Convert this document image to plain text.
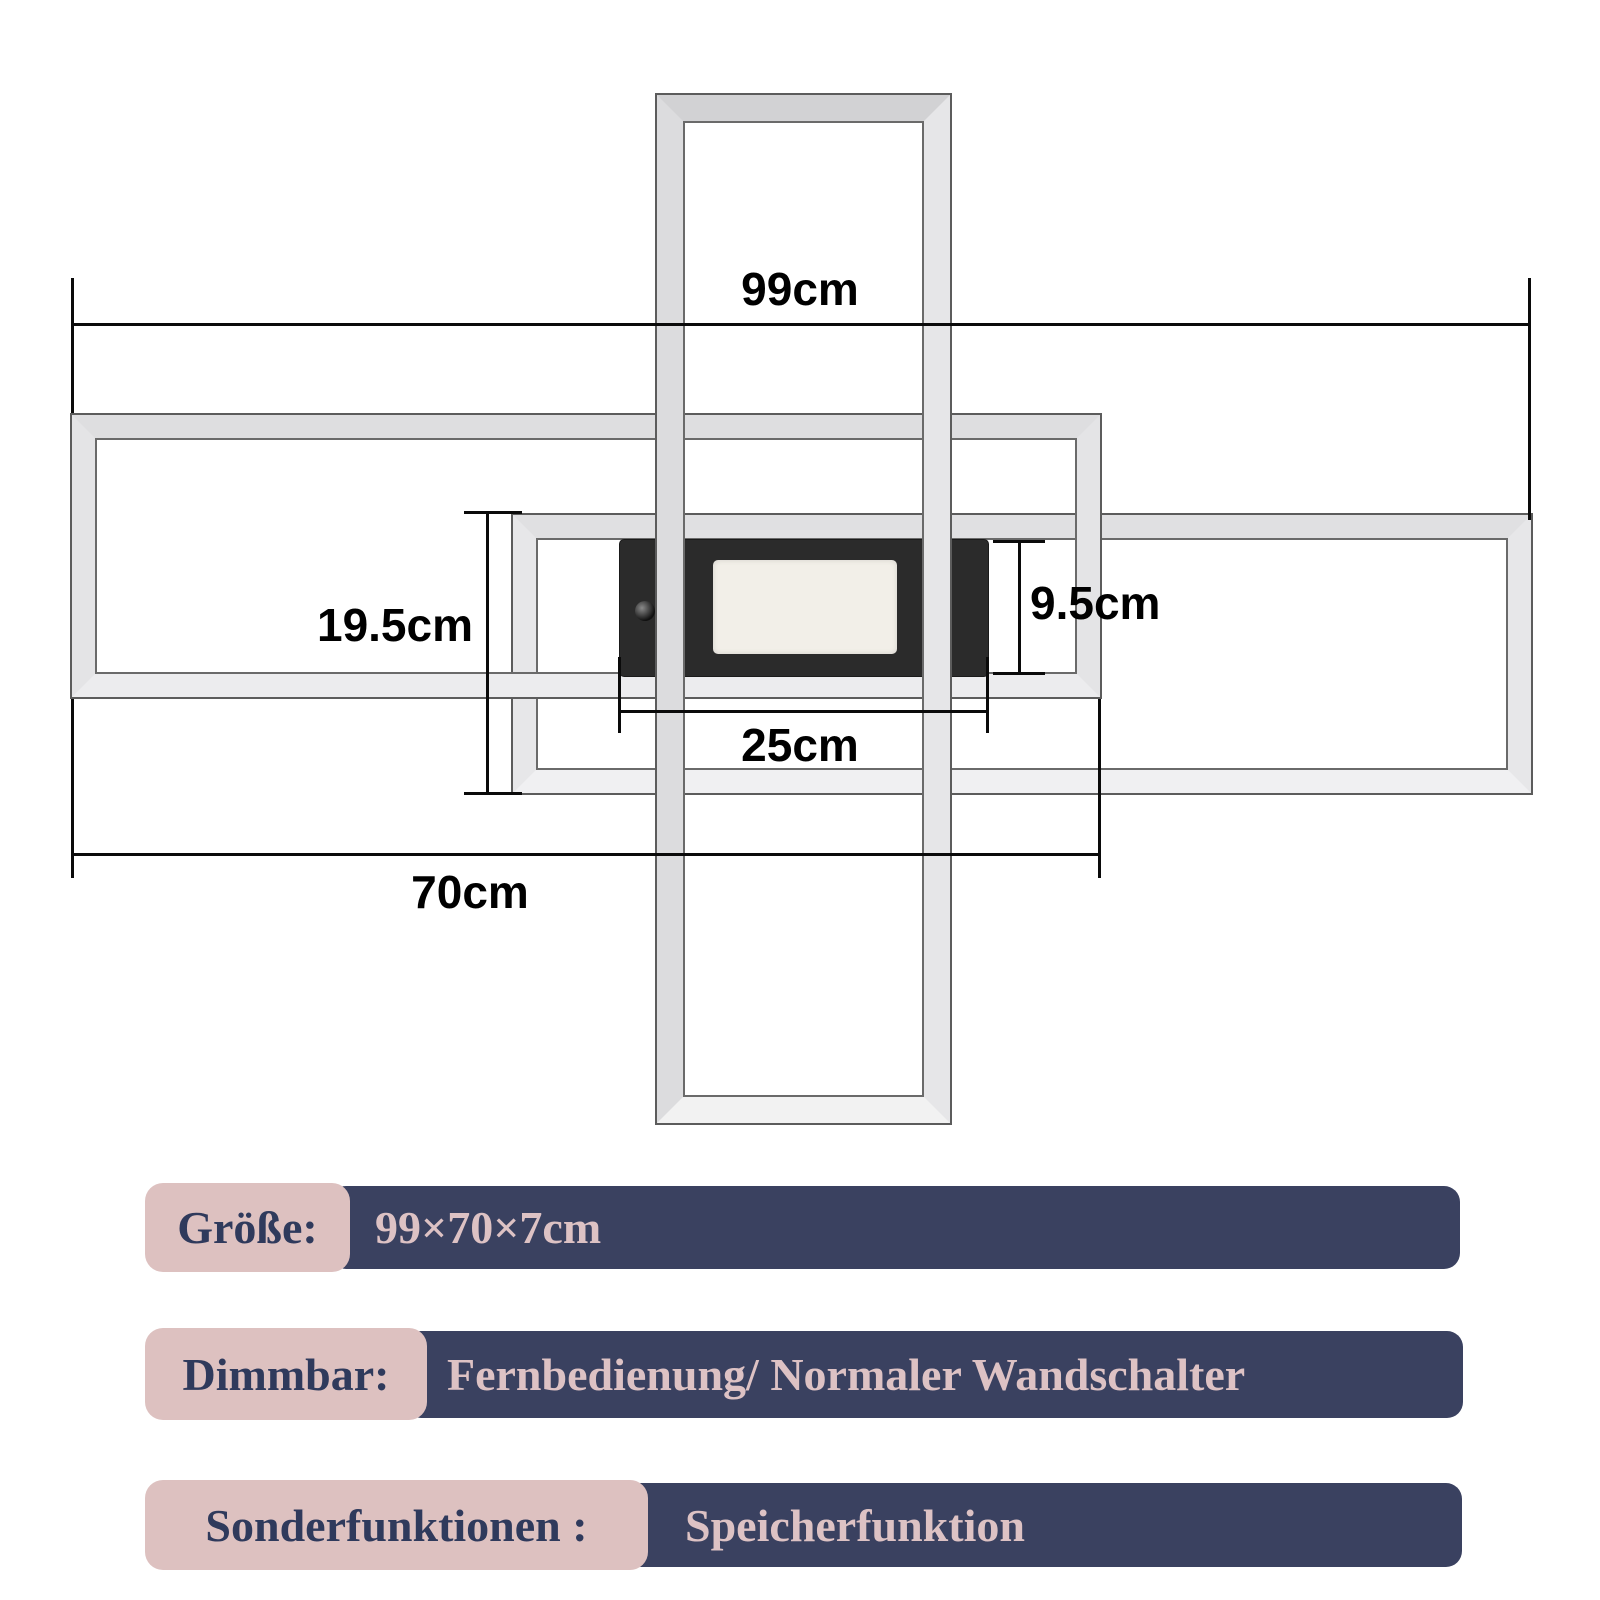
99cm
70cm
19.5cm	9.5cm
25cm
99×70×7cm
Größe:
Fernbedienung/ Normaler Wandschalter
Dimmbar:
Speicherfunktion
Sonderfunktionen :
